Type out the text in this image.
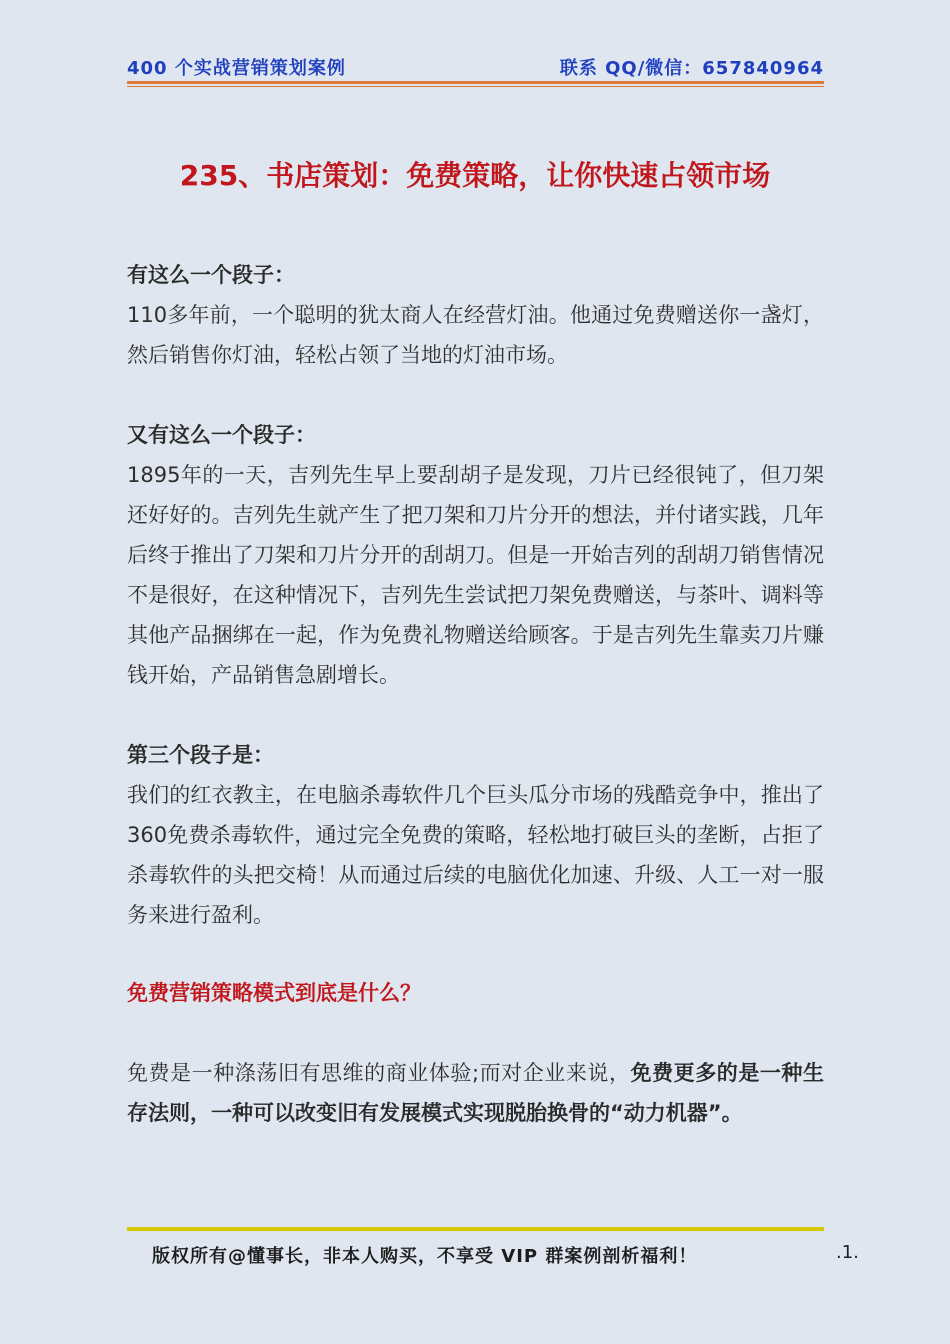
400 个实战营销策划案例	联系 QQ/微信：657840964
235、书店策划：免费策略，让你快速占领市场

有这么一个段子：

110多年前，一个聪明的犹太商人在经营灯油。他通过免费赠送你一盏灯，然后销售你灯油，轻松占领了当地的灯油市场。

又有这么一个段子：

1895年的一天，吉列先生早上要刮胡子是发现，刀片已经很钝了，但刀架还好好的。吉列先生就产生了把刀架和刀片分开的想法，并付诸实践，几年后终于推出了刀架和刀片分开的刮胡刀。但是一开始吉列的刮胡刀销售情况不是很好，在这种情况下，吉列先生尝试把刀架免费赠送，与茶叶、调料等其他产品捆绑在一起，作为免费礼物赠送给顾客。于是吉列先生靠卖刀片赚钱开始，产品销售急剧增长。

第三个段子是：

我们的红衣教主，在电脑杀毒软件几个巨头瓜分市场的残酷竞争中，推出了360免费杀毒软件，通过完全免费的策略，轻松地打破巨头的垄断，占拒了杀毒软件的头把交椅！从而通过后续的电脑优化加速、升级、人工一对一服务来进行盈利。

免费营销策略模式到底是什么？

免费是一种涤荡旧有思维的商业体验;而对企业来说，免费更多的是一种生存法则，一种可以改变旧有发展模式实现脱胎换骨的“动力机器”。

版权所有@懂事长，非本人购买，不享受 VIP 群案例剖析福利！	.1.
